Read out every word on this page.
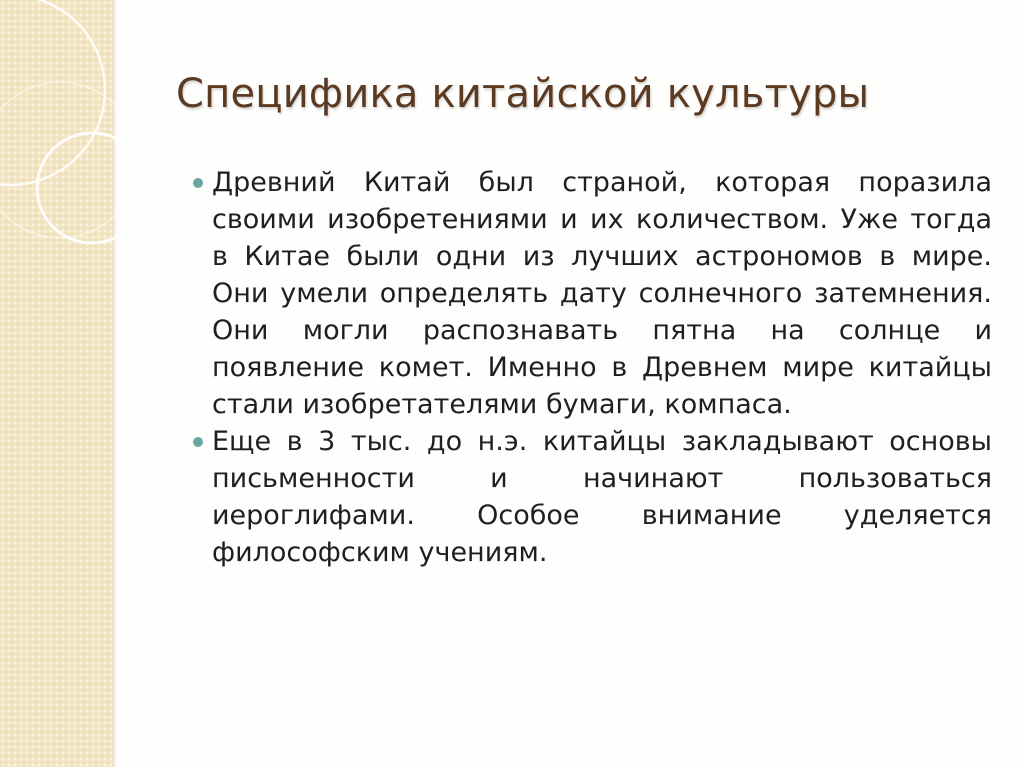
Специфика китайской культуры

Древний Китай был страной, которая поразила своими изобретениями и их количеством. Уже тогда в Китае были одни из лучших астрономов в мире. Они умели определять дату солнечного затемнения. Они могли распознавать пятна на солнце и появление комет. Именно в Древнем мире китайцы стали изобретателями бумаги, компаса.

Еще в 3 тыс. до н.э. китайцы закладывают основы письменности и начинают пользоваться иероглифами. Особое внимание уделяется философским учениям.
